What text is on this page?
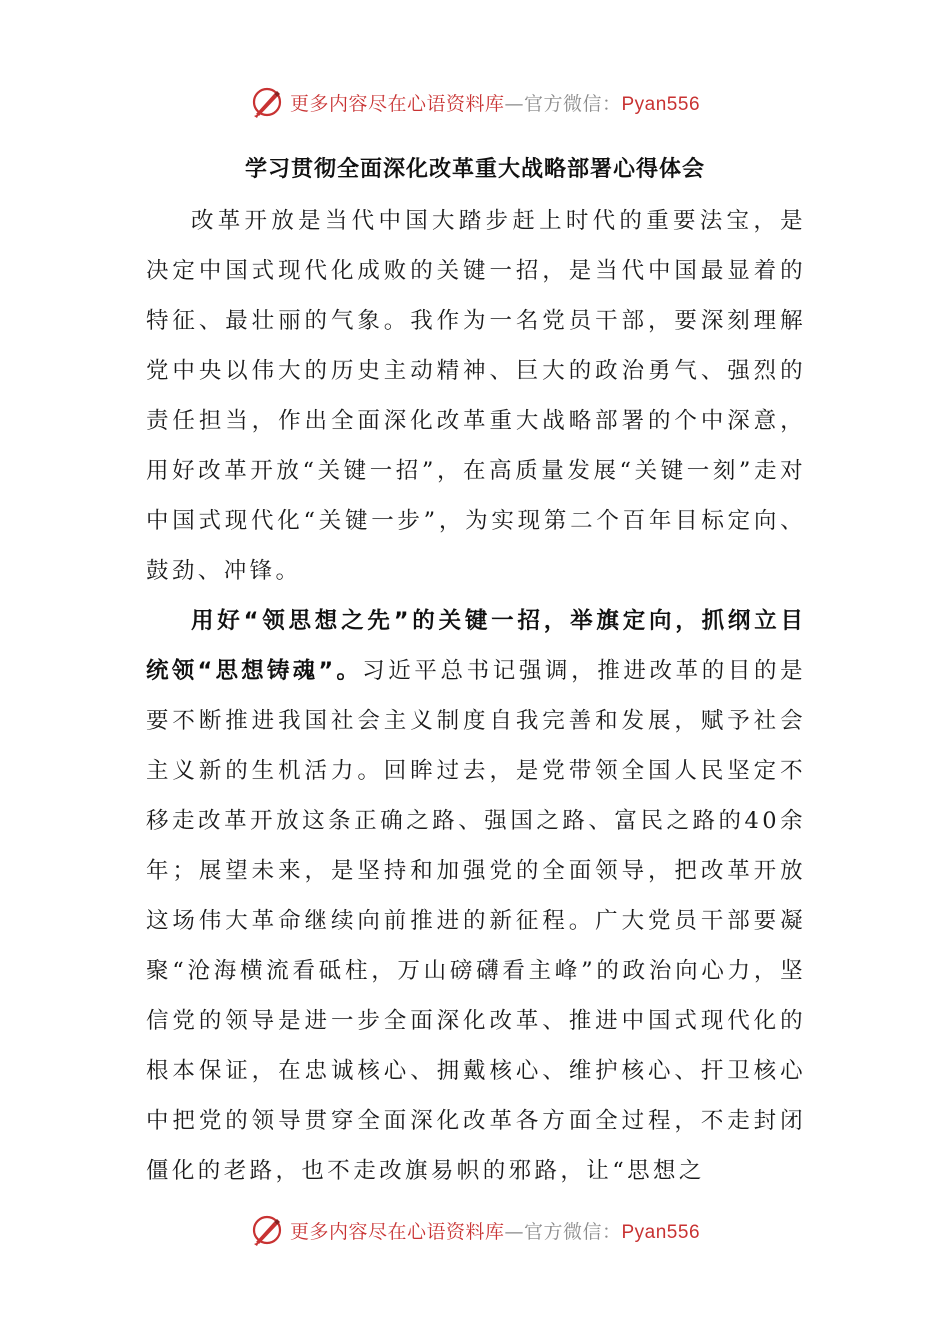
更多内容尽在心语资料库—官方微信：Pyan556
学习贯彻全面深化改革重大战略部署心得体会

改革开放是当代中国大踏步赶上时代的重要法宝，是决定中国式现代化成败的关键一招，是当代中国最显着的特征、最壮丽的气象。我作为一名党员干部，要深刻理解党中央以伟大的历史主动精神、巨大的政治勇气、强烈的责任担当，作出全面深化改革重大战略部署的个中深意，用好改革开放“关键一招”，在高质量发展“关键一刻”走对中国式现代化“关键一步”，为实现第二个百年目标定向、鼓劲、冲锋。

用好“领思想之先”的关键一招，举旗定向，抓纲立目统领“思想铸魂”。习近平总书记强调，推进改革的目的是要不断推进我国社会主义制度自我完善和发展，赋予社会主义新的生机活力。回眸过去，是党带领全国人民坚定不移走改革开放这条正确之路、强国之路、富民之路的40余年；展望未来，是坚持和加强党的全面领导，把改革开放这场伟大革命继续向前推进的新征程。广大党员干部要凝聚“沧海横流看砥柱，万山磅礴看主峰”的政治向心力，坚信党的领导是进一步全面深化改革、推进中国式现代化的根本保证，在忠诚核心、拥戴核心、维护核心、扞卫核心中把党的领导贯穿全面深化改革各方面全过程，不走封闭僵化的老路，也不走改旗易帜的邪路，让“思想之

更多内容尽在心语资料库—官方微信：Pyan556
